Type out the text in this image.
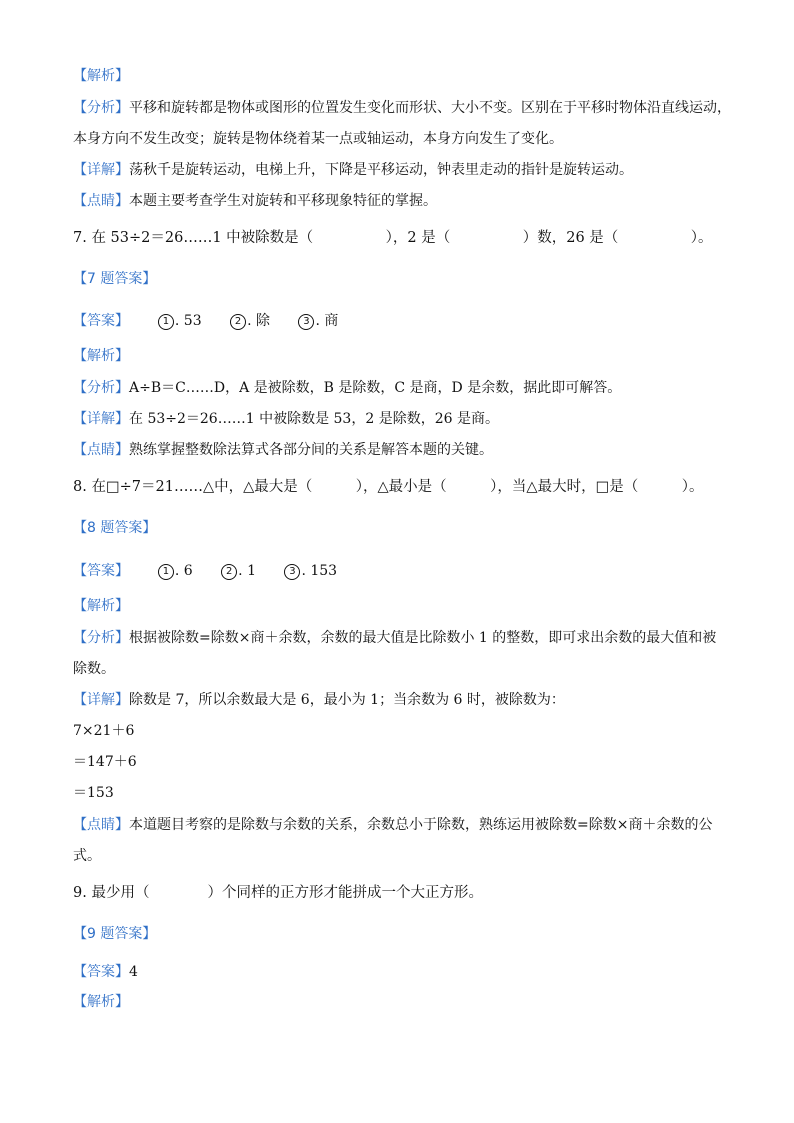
【解析】
【分析】平移和旋转都是物体或图形的位置发生变化而形状、大小不变。区别在于平移时物体沿直线运动，
本身方向不发生改变；旋转是物体绕着某一点或轴运动，本身方向发生了变化。
【详解】荡秋千是旋转运动，电梯上升，下降是平移运动，钟表里走动的指针是旋转运动。
【点睛】本题主要考查学生对旋转和平移现象特征的掌握。
7. 在 53÷2＝26……1 中被除数是（　　　　　），2 是（　　　　　）数，26 是（　　　　　）。
【7 题答案】
【答案】	1 . 53	2 . 除	3 . 商
【解析】
【分析】A÷B＝C……D，A 是被除数，B 是除数，C 是商，D 是余数，据此即可解答。
【详解】在 53÷2＝26……1 中被除数是 53，2 是除数，26 是商。
【点睛】熟练掌握整数除法算式各部分间的关系是解答本题的关键。
8. 在□÷7＝21……△中，△最大是（　　　），△最小是（　　　），当△最大时，□是（　　　）。
【8 题答案】
【答案】	1 . 6	2 . 1	3 . 153
【解析】
【分析】根据被除数=除数×商＋余数，余数的最大值是比除数小 1 的整数，即可求出余数的最大值和被
除数。
【详解】除数是 7，所以余数最大是 6，最小为 1；当余数为 6 时，被除数为：
7×21＋6
＝147＋6
＝153
【点睛】本道题目考察的是除数与余数的关系，余数总小于除数，熟练运用被除数=除数×商＋余数的公
式。
9. 最少用（　　　　）个同样的正方形才能拼成一个大正方形。
【9 题答案】
【答案】4
【解析】
